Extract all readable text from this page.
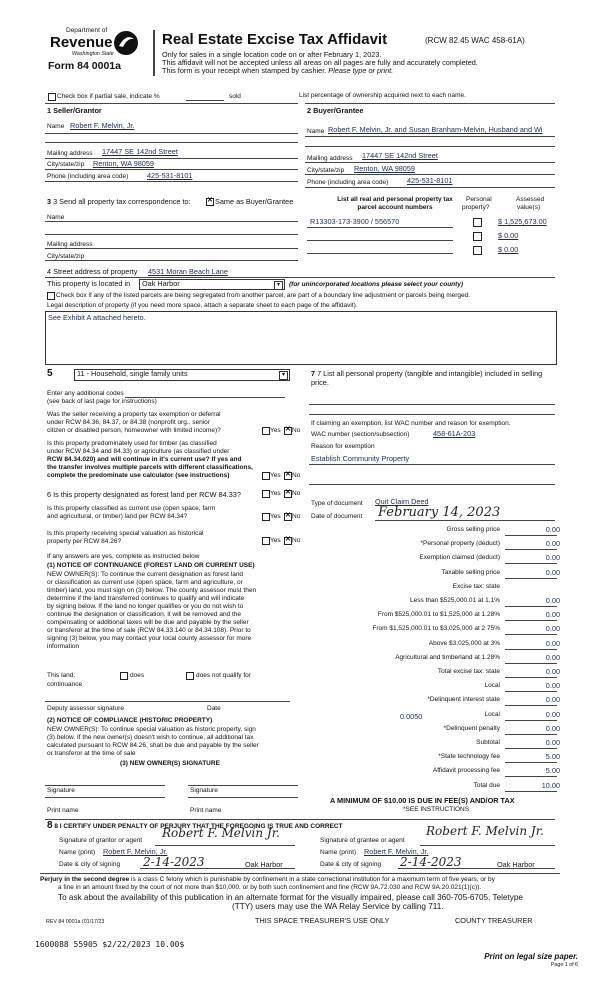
Department of
Revenue
Washington State
Form 84 0001a
Real Estate Excise Tax Affidavit	(RCW 82.45 WAC 458-61A)
Only for sales in a single location code on or after February 1, 2023.
This affidavit will not be accepted unless all areas on all pages are fully and accurately completed.
This form is your receipt when stamped by cashier. Please type or print.
Check box if partial sale, indicate %	sold	List percentage of ownership acquired next to each name.
1 Seller/Grantor
Name Robert F. Melvin, Jr.
Mailing address 17447 SE 142nd Street
City/state/zip Renton, WA 98059
Phone (including area code)	425-531-8101
2 Buyer/Grantee
Name Robert F. Melvin, Jr. and Susan Branham-Melvin, Husband and Wi
Mailing address 17447 SE 142nd Street
City/state/zip Renton, WA 98059
Phone (including area code)	425-531-8101
3 3 Send all property tax correspondence to: ✕	Same as Buyer/Grantee
Name
Mailing address
City/state/zip
List all real and personal property tax
parcel account numbers
Personal
property?
Assessed
value(s)
R13303-173-3900 / 556570	$ 1,525,673.00
$ 0.00
$ 0.00
4 Street address of property 4531 Moran Beach Lane
This property is located in Oak Harbor	▾	(for unincorporated locations please select your county)
Check box if any of the listed parcels are being segregated from another parcel, are part of a boundary line adjustment or parcels being merged.
Legal description of property (if you need more space, attach a separate sheet to each page of the affidavit).
See Exhibit A attached hereto.
5	11 - Household, single family units	▾
Enter any additional codes
(see back of last page for instructions)
Was the seller receiving a property tax exemption or deferral
under RCW 84.36, 84.37, or 84.38 (nonprofit org., senior
citizen or disabled person, homeowner with limited income)?	Yes ✕ No
Is this property predominately used for timber (as classified
under RCW 84.34 and 84.33) or agriculture (as classified under
RCW 84.34.020) and will continue in it's current use? If yes and
the transfer involves multiple parcels with different classifications,
complete the predominate use calculator (see instructions)	Yes ✕ No
6 Is this property designated as forest land per RCW 84.33?	Yes ✕ No
Is this property classified as current use (open space, farm
and agricultural, or timber) land per RCW 84.34?	Yes ✕ No
Is this property receiving special valuation as historical
property per RCW 84.26?	Yes ✕ No
If any answers are yes, complete as instructed below
(1) NOTICE OF CONTINUANCE (FOREST LAND OR CURRENT USE)
NEW OWNER(S): To continue the current designation as forest land
or classification as current use (open space, farm and agriculture, or
timber) land, you must sign on (3) below. The county assessor must then
determine if the land transferred continues to qualify and will indicate
by signing below. If the land no longer qualifies or you do not wish to
continue the designation or classification, it will be removed and the
compensating or additional taxes will be due and payable by the seller
or transferor at the time of sale (RCW 84.33.140 or 84.34.108). Prior to
signing (3) below, you may contact your local county assessor for more
information
This land:	does	does not qualify for
continuance
Deputy assessor signature	Date
(2) NOTICE OF COMPLIANCE (HISTORIC PROPERTY)
NEW OWNER(S): To continue special valuation as historic property, sign
(3) below. If the new owner(s) doesn't wish to continue, all additional tax
calculated pursuant to RCW 84.26, shall be due and payable by the seller
or transferor at the time of sale
(3) NEW OWNER(S) SIGNATURE
Signature	Signature
Print name	Print name
7 7 List all personal property (tangible and intangible) included in selling
price.
If claiming an exemption, list WAC number and reason for exemption.
WAC number (section/subsection)	458-61A-203
Reason for exemption
Establish Community Property
Type of document Quit Claim Deed
Date of document February 14, 2023
Gross selling price	0.00
*Personal property (deduct)	0.00
Exemption claimed (deduct)	0.00
Taxable selling price	0.00
Excise tax: state
Less than $525,000.01 at 1.1%	0.00
From $525,000.01 to $1,525,000 at 1.28%	0.00
From $1,525,000.01 to $3,025,000 at 2 75%	0.00
Above $3,025,000 at 3%	0.00
Agricultural and timberland at 1.28%	0.00
Total excise tax: state	0.00
Local	0.00
*Delinquent interest state	0.00
Local	0.00
*Delinquent penalty	0.00
Subtotal	0.00
*State technology fee	5.00
Affidavit processing fee	5.00
Total due	10.00
0.0050
A MINIMUM OF $10.00 IS DUE IN FEE(S) AND/OR TAX
*SEE INSTRUCTIONS
8 8 I CERTIFY UNDER PENALTY OF PERJURY THAT THE FOREGOING IS TRUE AND CORRECT
Signature of grantor or agent
Robert F. Melvin Jr.
Name (print) Robert F. Melvin, Jr.
Date & city of signing 2-14-2023	Oak Harbor
Signature of grantee or agent
Robert F. Melvin Jr.
Name (print) Robert F. Melvin, Jr.
Date & city of signing 2-14-2023	Oak Harbor
Perjury in the second degree is a class C felony which is punishable by confinement in a state correctional institution for a maximum term of five years, or by
a fine in an amount fixed by the court of not more than $10,000, or by both such confinement and fine (RCW 9A.72.030 and RCW 9A.20.021(1)(c)).
To ask about the availability of this publication in an alternate format for the visually impaired, please call 360-705-6705. Teletype
(TTY) users may use the WA Relay Service by calling 711.
REV 84 0001a (01/17/23	THIS SPACE TREASURER'S USE ONLY	COUNTY TREASURER
1600088 55905 $2/22/2023 10.00$
Print on legal size paper.
Page 1 of 6
